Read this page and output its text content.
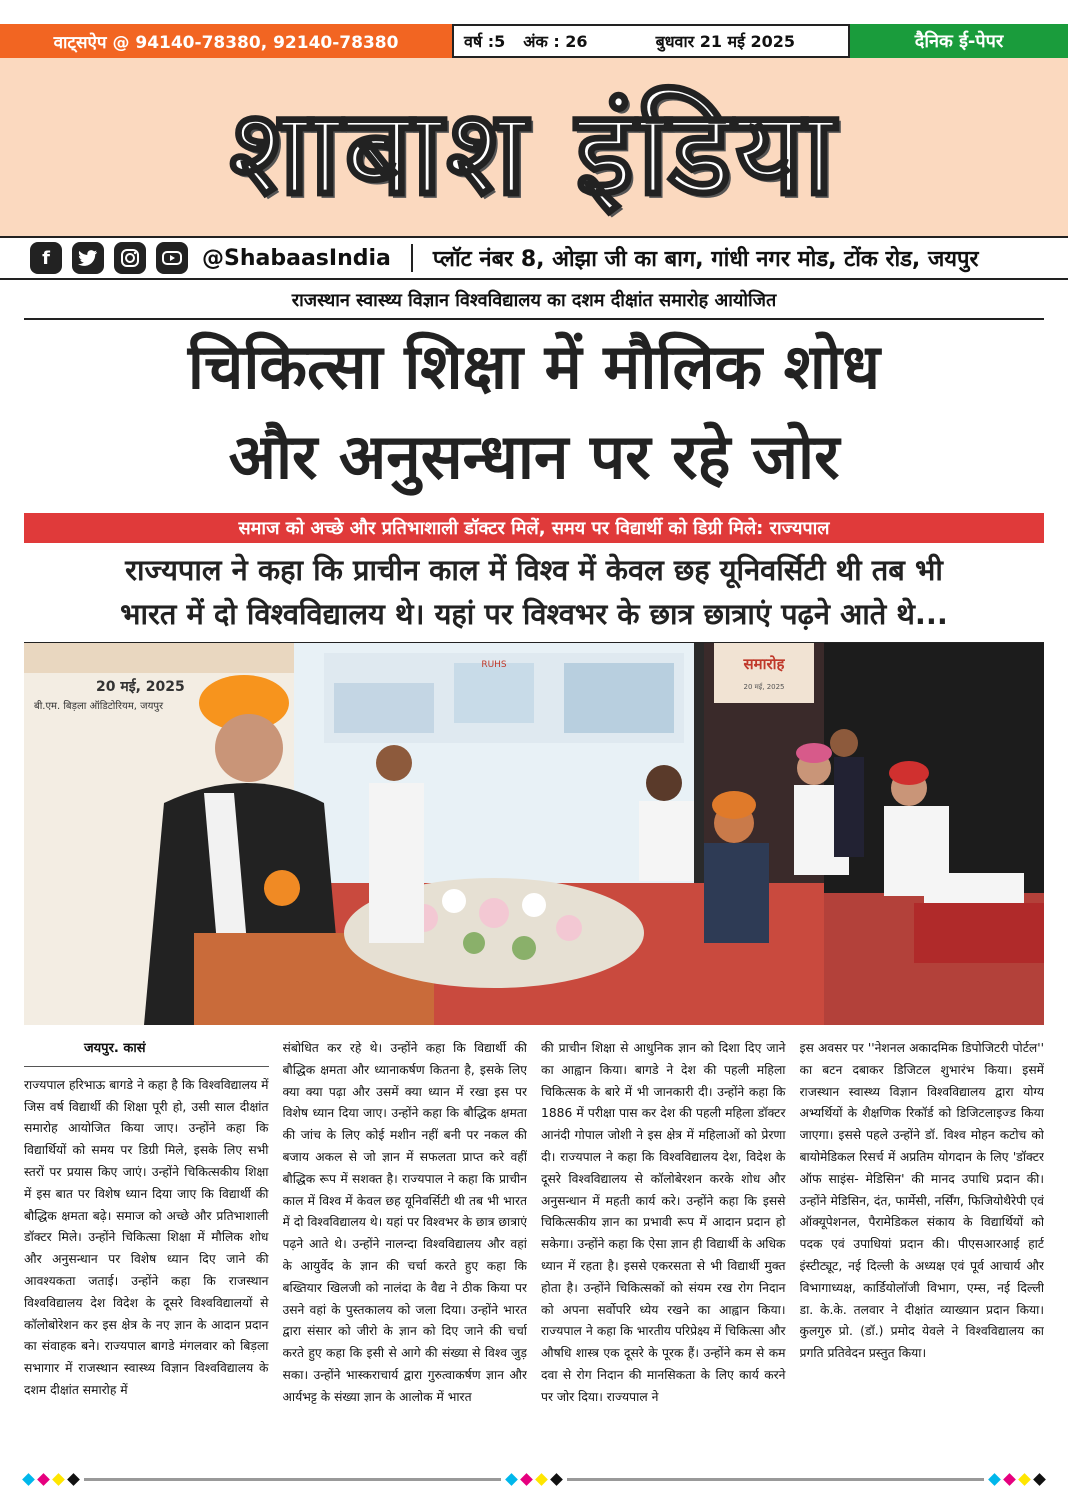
वाट्सऐप @ 94140-78380, 92140-78380	वर्ष :5 अंक : 26	बुधवार 21 मई 2025	दैनिक ई-पेपर
शाबाश इंडिया
f	@ShabaasIndia प्लॉट नंबर 8, ओझा जी का बाग, गांधी नगर मोड, टोंक रोड, जयपुर
राजस्थान स्वास्थ्य विज्ञान विश्वविद्यालय का दशम दीक्षांत समारोह आयोजित
चिकित्सा शिक्षा में मौलिक शोध
और अनुसन्धान पर रहे जोर
समाज को अच्छे और प्रतिभाशाली डॉक्टर मिलें, समय पर विद्यार्थी को डिग्री मिले: राज्यपाल
राज्यपाल ने कहा कि प्राचीन काल में विश्व में केवल छह यूनिवर्सिटी थी तब भी
भारत में दो विश्वविद्यालय थे। यहां पर विश्वभर के छात्र छात्राएं पढ़ने आते थे...
RUHS	समारोह
20 मई, 2025
20 मई, 2025
बी.एम. बिड़ला ऑडिटोरियम, जयपुर
जयपुर. कासं
राज्यपाल हरिभाऊ बागडे ने कहा है कि विश्वविद्यालय में जिस वर्ष विद्यार्थी की शिक्षा पूरी हो, उसी साल दीक्षांत समारोह आयोजित किया जाए। उन्होंने कहा कि विद्यार्थियों को समय पर डिग्री मिले, इसके लिए सभी स्तरों पर प्रयास किए जाएं। उन्होंने चिकित्सकीय शिक्षा में इस बात पर विशेष ध्यान दिया जाए कि विद्यार्थी की बौद्धिक क्षमता बढ़े। समाज को अच्छे और प्रतिभाशाली डॉक्टर मिले। उन्होंने चिकित्सा शिक्षा में मौलिक शोध और अनुसन्धान पर विशेष ध्यान दिए जाने की आवश्यकता जताई। उन्होंने कहा कि राजस्थान विश्वविद्यालय देश विदेश के दूसरे विश्वविद्यालयों से कॉलोबोरेशन कर इस क्षेत्र के नए ज्ञान के आदान प्रदान का संवाहक बने। राज्यपाल बागडे मंगलवार को बिड़ला सभागार में राजस्थान स्वास्थ्य विज्ञान विश्वविद्यालय के दशम दीक्षांत समारोह में
संबोधित कर रहे थे। उन्होंने कहा कि विद्यार्थी की बौद्धिक क्षमता और ध्यानाकर्षण कितना है, इसके लिए क्या क्या पढ़ा और उसमें क्या ध्यान में रखा इस पर विशेष ध्यान दिया जाए। उन्होंने कहा कि बौद्धिक क्षमता की जांच के लिए कोई मशीन नहीं बनी पर नकल की बजाय अकल से जो ज्ञान में सफलता प्राप्त करे वहीं बौद्धिक रूप में सशक्त है। राज्यपाल ने कहा कि प्राचीन काल में विश्व में केवल छह यूनिवर्सिटी थी तब भी भारत में दो विश्वविद्यालय थे। यहां पर विश्वभर के छात्र छात्राएं पढ़ने आते थे। उन्होंने नालन्दा विश्वविद्यालय और वहां के आयुर्वेद के ज्ञान की चर्चा करते हुए कहा कि बख्तियार खिलजी को नालंदा के वैद्य ने ठीक किया पर उसने वहां के पुस्तकालय को जला दिया। उन्होंने भारत द्वारा संसार को जीरो के ज्ञान को दिए जाने की चर्चा करते हुए कहा कि इसी से आगे की संख्या से विश्व जुड़ सका। उन्होंने भास्कराचार्य द्वारा गुरुत्वाकर्षण ज्ञान और आर्यभट्ट के संख्या ज्ञान के आलोक में भारत
की प्राचीन शिक्षा से आधुनिक ज्ञान को दिशा दिए जाने का आह्वान किया। बागडे ने देश की पहली महिला चिकित्सक के बारे में भी जानकारी दी। उन्होंने कहा कि 1886 में परीक्षा पास कर देश की पहली महिला डॉक्टर आनंदी गोपाल जोशी ने इस क्षेत्र में महिलाओं को प्रेरणा दी। राज्यपाल ने कहा कि विश्वविद्यालय देश, विदेश के दूसरे विश्वविद्यालय से कॉलोबेरशन करके शोध और अनुसन्धान में महती कार्य करे। उन्होंने कहा कि इससे चिकित्सकीय ज्ञान का प्रभावी रूप में आदान प्रदान हो सकेगा। उन्होंने कहा कि ऐसा ज्ञान ही विद्यार्थी के अधिक ध्यान में रहता है। इससे एकरसता से भी विद्यार्थी मुक्त होता है। उन्होंने चिकित्सकों को संयम रख रोग निदान को अपना सर्वोपरि ध्येय रखने का आह्वान किया। राज्यपाल ने कहा कि भारतीय परिप्रेक्ष्य में चिकित्सा और औषधि शास्त्र एक दूसरे के पूरक हैं। उन्होंने कम से कम दवा से रोग निदान की मानसिकता के लिए कार्य करने पर जोर दिया। राज्यपाल ने
इस अवसर पर ''नेशनल अकादमिक डिपोजिटरी पोर्टल'' का बटन दबाकर डिजिटल शुभारंभ किया। इसमें राजस्थान स्वास्थ्य विज्ञान विश्वविद्यालय द्वारा योग्य अभ्यर्थियों के शैक्षणिक रिकॉर्ड को डिजिटलाइज्ड किया जाएगा। इससे पहले उन्होंने डॉ. विश्व मोहन कटोच को बायोमेडिकल रिसर्च में अप्रतिम योगदान के लिए 'डॉक्टर ऑफ साइंस- मेडिसिन' की मानद उपाधि प्रदान की। उन्होंने मेडिसिन, दंत, फार्मेसी, नर्सिंग, फिजियोथैरेपी एवं ऑक्यूपेशनल, पैरामेडिकल संकाय के विद्यार्थियों को पदक एवं उपाधियां प्रदान की। पीएसआरआई हार्ट इंस्टीट्यूट, नई दिल्ली के अध्यक्ष एवं पूर्व आचार्य और विभागाध्यक्ष, कार्डियोलॉजी विभाग, एम्स, नई दिल्ली डा. के.के. तलवार ने दीक्षांत व्याख्यान प्रदान किया। कुलगुरु प्रो. (डॉ.) प्रमोद येवले ने विश्वविद्यालय का प्रगति प्रतिवेदन प्रस्तुत किया।
